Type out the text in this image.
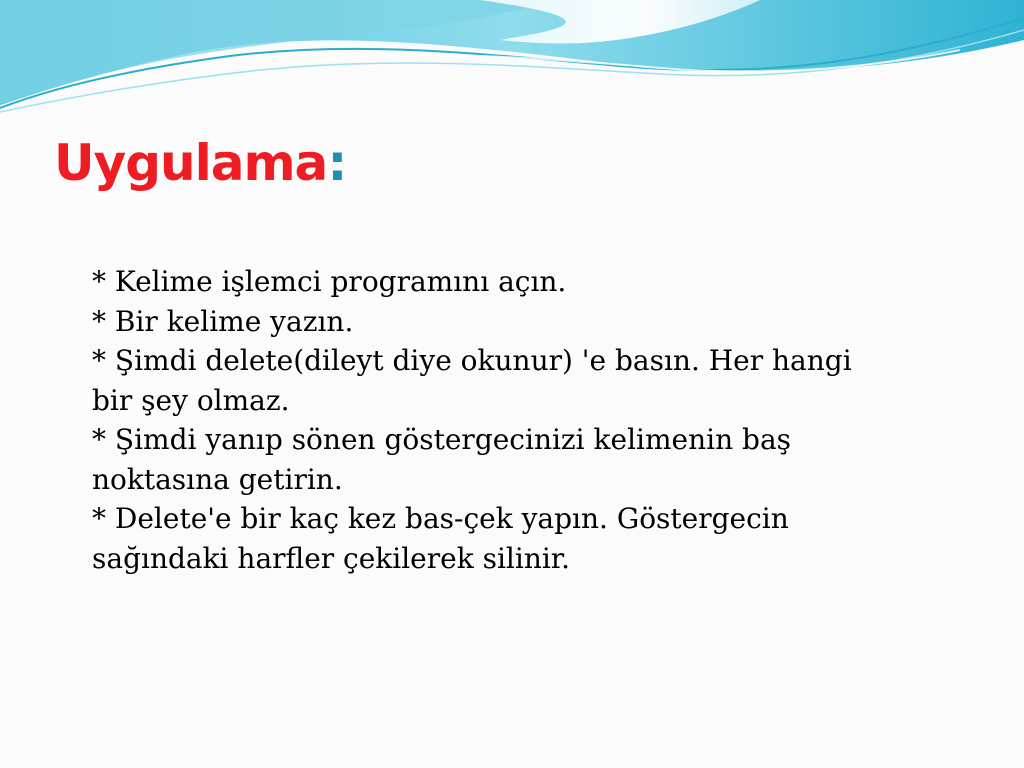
Uygulama:
* Kelime işlemci programını açın.
* Bir kelime yazın.
* Şimdi delete(dileyt diye okunur) 'e basın. Her hangi
bir şey olmaz.
* Şimdi yanıp sönen göstergecinizi kelimenin baş
noktasına getirin.
* Delete'e bir kaç kez bas-çek yapın. Göstergecin
sağındaki harfler çekilerek silinir.
